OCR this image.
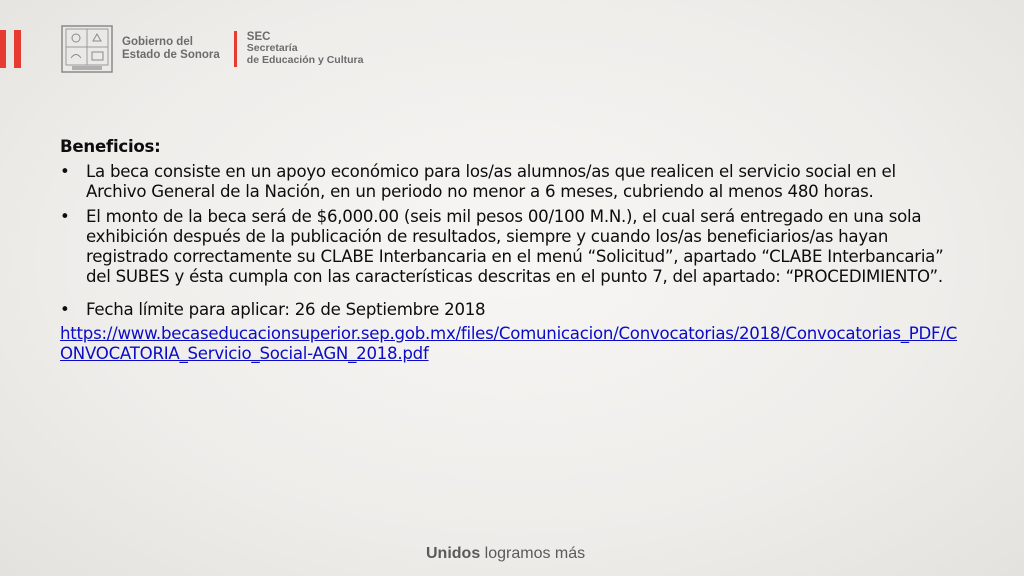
Gobierno del
Estado de Sonora
SEC
Secretaría
de Educación y Cultura
Beneficios:
• La beca consiste en un apoyo económico para los/as alumnos/as que realicen el servicio social en el Archivo General de la Nación, en un periodo no menor a 6 meses, cubriendo al menos 480 horas.
• El monto de la beca será de $6,000.00 (seis mil pesos 00/100 M.N.), el cual será entregado en una sola exhibición después de la publicación de resultados, siempre y cuando los/as beneficiarios/as hayan registrado correctamente su CLABE Interbancaria en el menú “Solicitud”, apartado “CLABE Interbancaria” del SUBES y ésta cumpla con las características descritas en el punto 7, del apartado: “PROCEDIMIENTO”.
• Fecha límite para aplicar: 26 de Septiembre 2018
https://www.becaseducacionsuperior.sep.gob.mx/files/Comunicacion/Convocatorias/2018/Convocatorias_PDF/CONVOCATORIA_Servicio_Social-AGN_2018.pdf
Unidos logramos más
